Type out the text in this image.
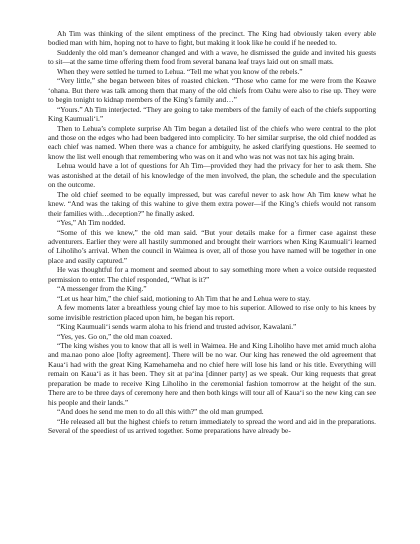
Ah Tim was thinking of the silent emptiness of the precinct. The King had obviously taken every able bodied man with him, hoping not to have to fight, but making it look like he could if he needed to.

Suddenly the old man’s demeanor changed and with a wave, he dismissed the guide and invited his guests to sit—at the same time offering them food from several banana leaf trays laid out on small mats.

When they were settled he turned to Lehua. “Tell me what you know of the rebels.”

“Very little,” she began between bites of roasted chicken. “Those who came for me were from the Keawe ‘ohana. But there was talk among them that many of the old chiefs from Oahu were also to rise up. They were to begin tonight to kidnap members of the King’s family and…”

“Yours.” Ah Tim interjected. “They are going to take members of the family of each of the chiefs supporting King Kaumuali‘i.”

Then to Lehua’s complete surprise Ah Tim began a detailed list of the chiefs who were central to the plot and those on the edges who had been badgered into complicity. To her similar surprise, the old chief nodded as each chief was named. When there was a chance for ambiguity, he asked clarifying questions. He seemed to know the list well enough that remembering who was on it and who was not was not tax his aging brain.

Lehua would have a lot of questions for Ah Tim—provided they had the privacy for her to ask them. She was astonished at the detail of his knowledge of the men involved, the plan, the schedule and the speculation on the outcome.

The old chief seemed to be equally impressed, but was careful never to ask how Ah Tim knew what he knew. “And was the taking of this wahine to give them extra power—if the King’s chiefs would not ransom their families with…deception?” he finally asked.

“Yes,” Ah Tim nodded.

“Some of this we knew,” the old man said. “But your details make for a firmer case against these adventurers. Earlier they were all hastily summoned and brought their warriors when King Kaumuali‘i learned of Liholiho’s arrival. When the council in Waimea is over, all of those you have named will be together in one place and easily captured.”

He was thoughtful for a moment and seemed about to say something more when a voice outside requested permission to enter. The chief responded, “What is it?”

“A messenger from the King.”

“Let us hear him,” the chief said, motioning to Ah Tim that he and Lehua were to stay.

A few moments later a breathless young chief lay moe to his superior. Allowed to rise only to his knees by some invisible restriction placed upon him, he began his report.

“King Kaumuali‘i sends warm aloha to his friend and trusted advisor, Kawalani.”

“Yes, yes. Go on,” the old man coaxed.

“The king wishes you to know that all is well in Waimea. He and King Liholiho have met amid much aloha and ma.nao pono aloe [lofty agreement]. There will be no war. Our king has renewed the old agreement that Kaua‘i had with the great King Kamehameha and no chief here will lose his land or his title. Everything will remain on Kaua‘i as it has been. They sit at pa‘ina [dinner party] as we speak. Our king requests that great preparation be made to receive King Liholiho in the ceremonial fashion tomorrow at the height of the sun. There are to be three days of ceremony here and then both kings will tour all of Kaua‘i so the new king can see his people and their lands.”

“And does he send me men to do all this with?” the old man grumped.

“He released all but the highest chiefs to return immediately to spread the word and aid in the preparations. Several of the speediest of us arrived together. Some preparations have already be-
